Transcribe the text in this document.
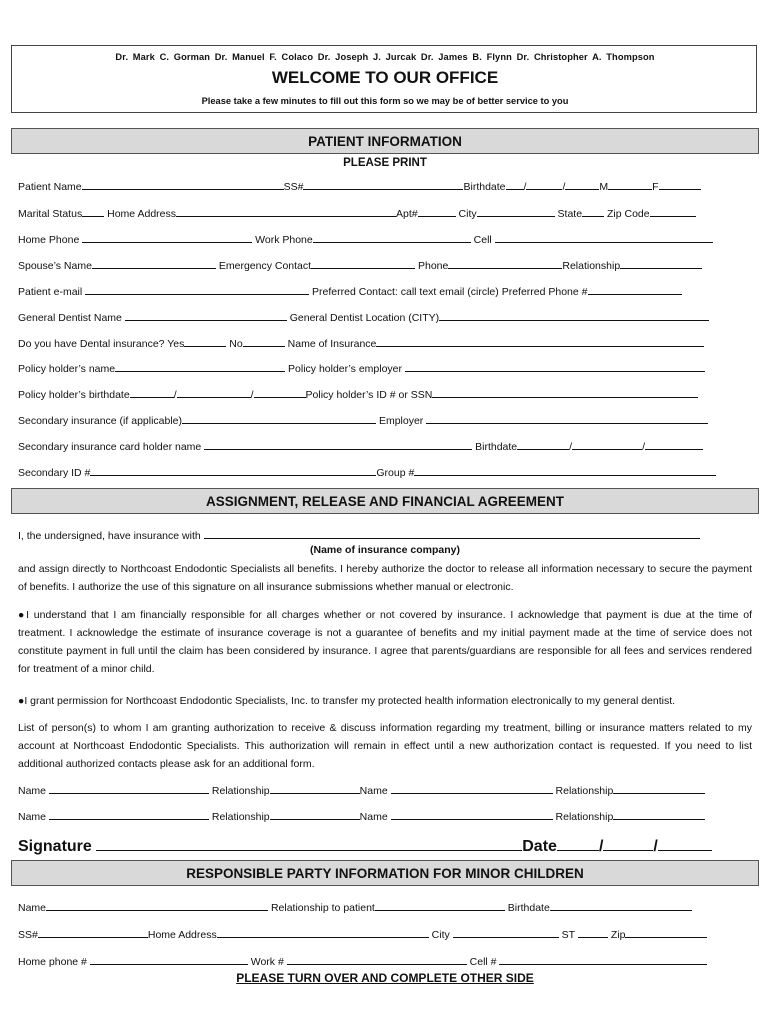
Dr. Mark C. Gorman Dr. Manuel F. Colaco Dr. Joseph J. Jurcak Dr. James B. Flynn Dr. Christopher A. Thompson
WELCOME TO OUR OFFICE
Please take a few minutes to fill out this form so we may be of better service to you
PATIENT INFORMATION
PLEASE PRINT
Patient Name	SS#	Birthdate /	/	M	F
Marital Status Home Address	Apt#	City	State Zip Code
Home Phone	Work Phone	Cell
Spouse’s Name	Emergency Contact	Phone	Relationship
Patient e-mail	Preferred Contact: call text email (circle) Preferred Phone #
General Dentist Name	General Dentist Location (CITY)
Do you have Dental insurance? Yes	No	Name of Insurance
Policy holder’s name	Policy holder’s employer
Policy holder’s birthdate	/	/	Policy holder’s ID # or SSN
Secondary insurance (if applicable)	Employer
Secondary insurance card holder name	Birthdate	/	/
Secondary ID #	Group #
ASSIGNMENT, RELEASE AND FINANCIAL AGREEMENT
I, the undersigned, have insurance with
(Name of insurance company)
and assign directly to Northcoast Endodontic Specialists all benefits. I hereby authorize the doctor to release all information necessary to secure the payment of benefits. I authorize the use of this signature on all insurance submissions whether manual or electronic.
●I understand that I am financially responsible for all charges whether or not covered by insurance. I acknowledge that payment is due at the time of treatment. I acknowledge the estimate of insurance coverage is not a guarantee of benefits and my initial payment made at the time of service does not constitute payment in full until the claim has been considered by insurance. I agree that parents/guardians are responsible for all fees and services rendered for treatment of a minor child.
●I grant permission for Northcoast Endodontic Specialists, Inc. to transfer my protected health information electronically to my general dentist.
List of person(s) to whom I am granting authorization to receive & discuss information regarding my treatment, billing or insurance matters related to my account at Northcoast Endodontic Specialists. This authorization will remain in effect until a new authorization contact is requested. If you need to list additional authorized contacts please ask for an additional form.
Name	Relationship	Name	Relationship
Name	Relationship	Name	Relationship
Signature	Date	/	/
RESPONSIBLE PARTY INFORMATION FOR MINOR CHILDREN
Name	Relationship to patient	Birthdate
SS#	Home Address	City	ST	Zip
Home phone #	Work #	Cell #
PLEASE TURN OVER AND COMPLETE OTHER SIDE
